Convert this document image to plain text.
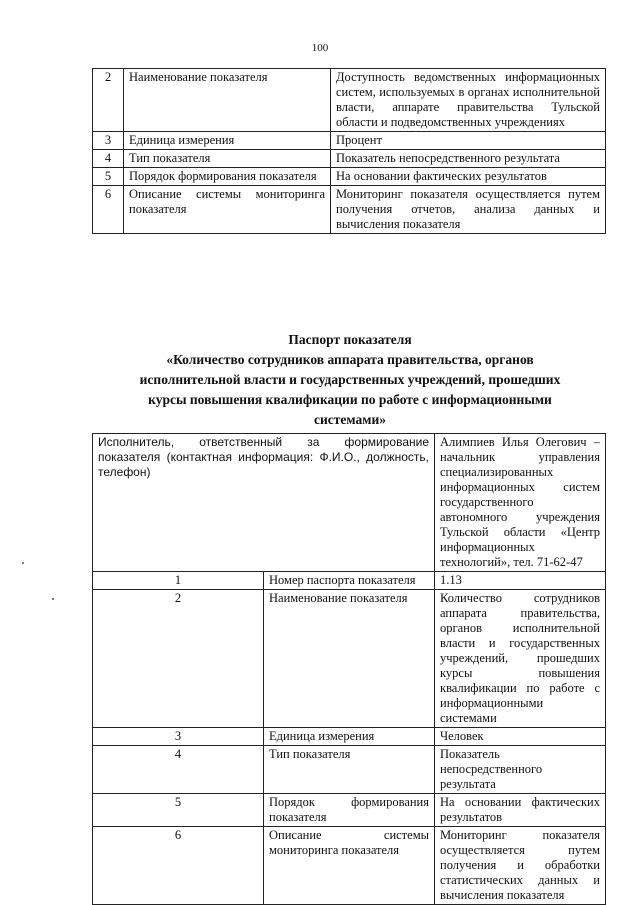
100
2	Наименование показателя	Доступность ведомственных информационных систем, используемых в органах исполнительной власти, аппарате правительства Тульской области и подведомственных учреждениях
3	Единица измерения	Процент
4	Тип показателя	Показатель непосредственного результата
5	Порядок формирования показателя	На основании фактических результатов
6	Описание системы мониторинга показателя	Мониторинг показателя осуществляется путем получения отчетов, анализа данных и вычисления показателя
Паспорт показателя
«Количество сотрудников аппарата правительства, органов
исполнительной власти и государственных учреждений, прошедших
курсы повышения квалификации по работе с информационными
системами»
Исполнитель, ответственный за формирование показателя (контактная информация: Ф.И.О., должность, телефон)		Алимпиев Илья Олегович – начальник управления специализированных информационных систем государственного автономного учреждения Тульской области «Центр информационных технологий», тел. 71-62-47
1	Номер паспорта показателя	1.13
2	Наименование показателя	Количество сотрудников аппарата правительства, органов исполнительной власти и государственных учреждений, прошедших курсы повышения квалификации по работе с информационными системами
3	Единица измерения	Человек
4	Тип показателя	Показатель непосредственного результата
5	Порядок формирования показателя	На основании фактических результатов
6	Описание системы мониторинга показателя	Мониторинг показателя осуществляется путем получения и обработки статистических данных и вычисления показателя
